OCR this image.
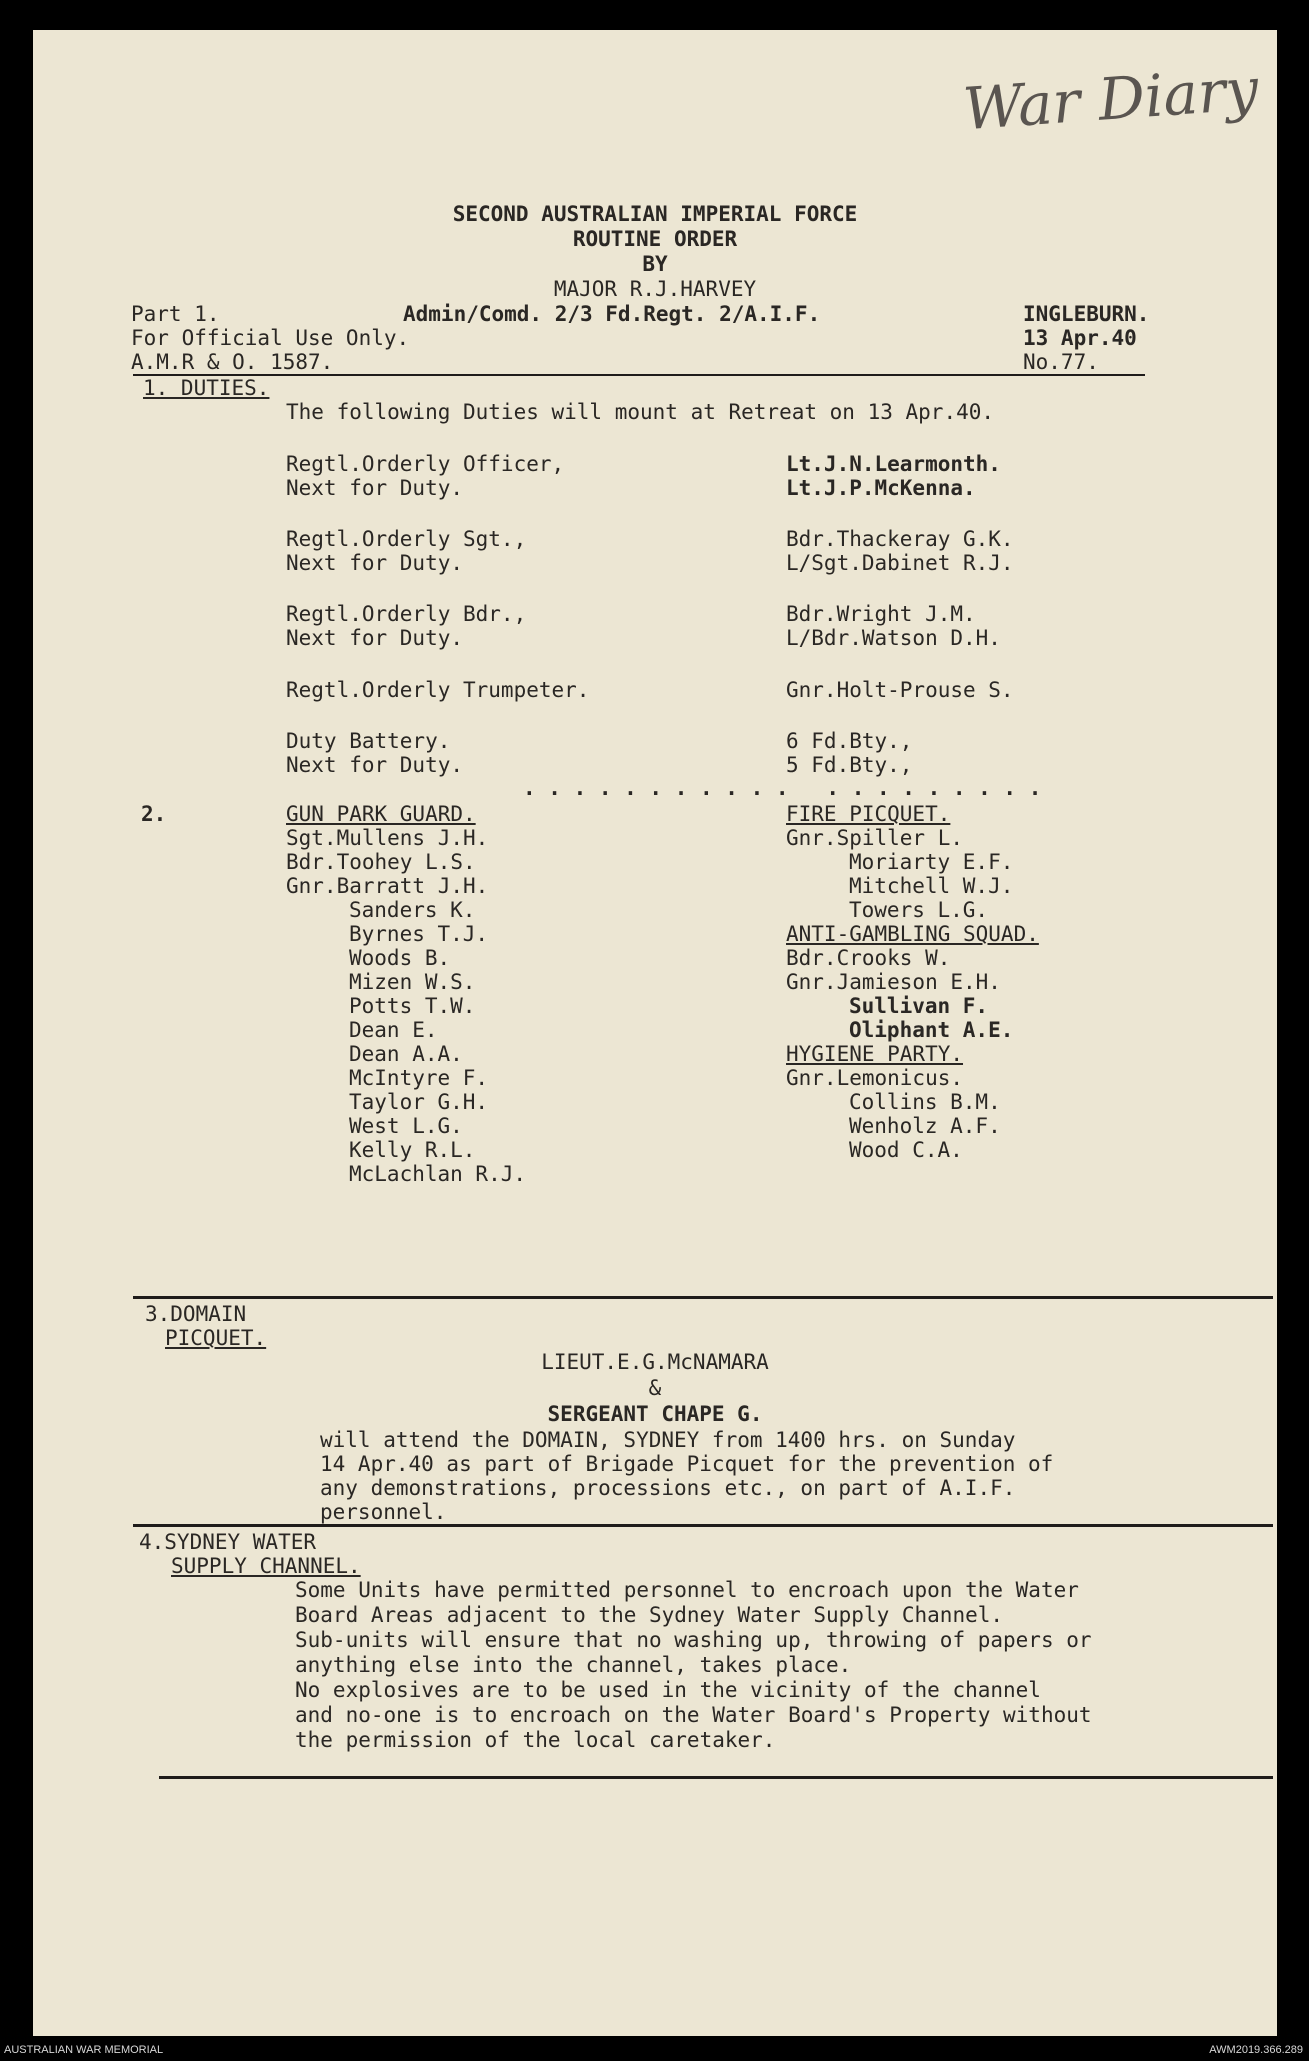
War Diary
SECOND AUSTRALIAN IMPERIAL FORCE
ROUTINE ORDER
BY
MAJOR R.J.HARVEY
Part 1.	Admin/Comd. 2/3 Fd.Regt. 2/A.I.F.	INGLEBURN.
For Official Use Only.	13 Apr.40
A.M.R & O. 1587.	No.77.
1. DUTIES.
The following Duties will mount at Retreat on 13 Apr.40.
Regtl.Orderly Officer,	Lt.J.N.Learmonth.
Next for Duty.	Lt.J.P.McKenna.
Regtl.Orderly Sgt.,	Bdr.Thackeray G.K.
Next for Duty.	L/Sgt.Dabinet R.J.
Regtl.Orderly Bdr.,	Bdr.Wright J.M.
Next for Duty.	L/Bdr.Watson D.H.
Regtl.Orderly Trumpeter.	Gnr.Holt-Prouse S.
Duty Battery.	6 Fd.Bty.,
Next for Duty.	5 Fd.Bty.,
. . . . . . . . . . .   . . . . . . . . .
2.	GUN PARK GUARD.
Sgt.Mullens J.H.
Bdr.Toohey L.S.
Gnr.Barratt J.H.
Sanders K.
Byrnes T.J.
Woods B.
Mizen W.S.
Potts T.W.
Dean E.
Dean A.A.
McIntyre F.
Taylor G.H.
West L.G.
Kelly R.L.
McLachlan R.J.
FIRE PICQUET.
Gnr.Spiller L.
Moriarty E.F.
Mitchell W.J.
Towers L.G.
ANTI-GAMBLING SQUAD.
Bdr.Crooks W.
Gnr.Jamieson E.H.
Sullivan F.
Oliphant A.E.
HYGIENE PARTY.
Gnr.Lemonicus.
Collins B.M.
Wenholz A.F.
Wood C.A.
3.DOMAIN
PICQUET.
LIEUT.E.G.McNAMARA
&
SERGEANT CHAPE G.
will attend the DOMAIN, SYDNEY from 1400 hrs. on Sunday
14 Apr.40 as part of Brigade Picquet for the prevention of
any demonstrations, processions etc., on part of A.I.F.
personnel.
4.SYDNEY WATER
SUPPLY CHANNEL.
Some Units have permitted personnel to encroach upon the Water
Board Areas adjacent to the Sydney Water Supply Channel.
Sub-units will ensure that no washing up, throwing of papers or
anything else into the channel, takes place.
No explosives are to be used in the vicinity of the channel
and no-one is to encroach on the Water Board's Property without
the permission of the local caretaker.
AUSTRALIAN WAR MEMORIAL	AWM2019.366.289
